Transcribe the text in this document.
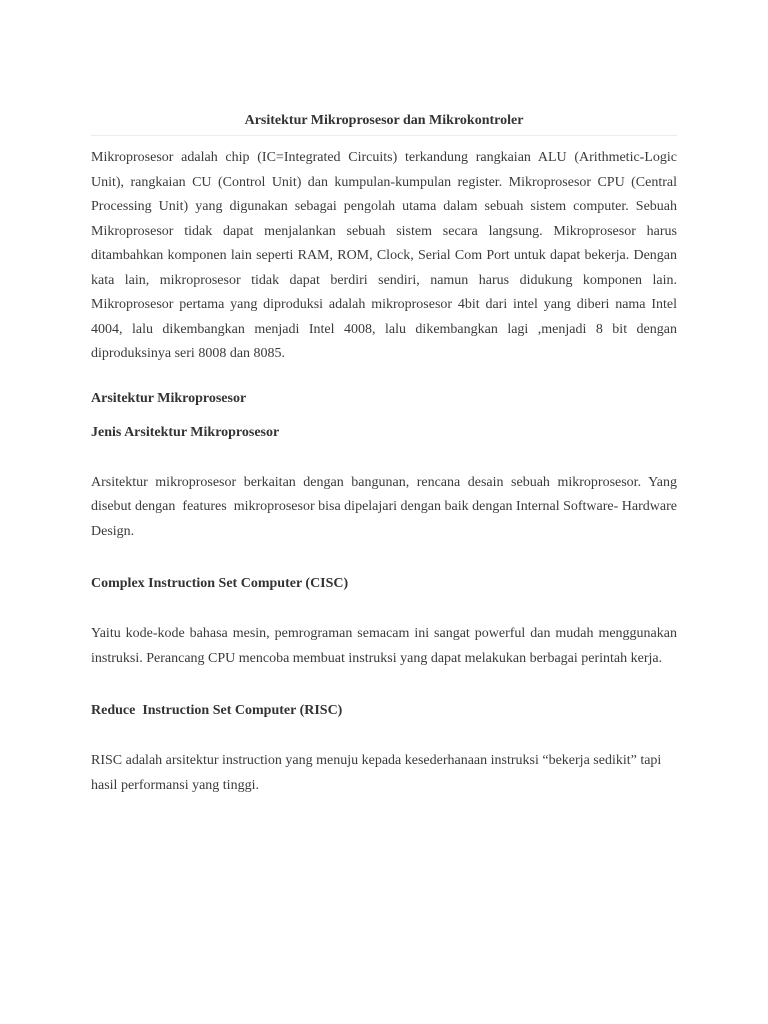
Arsitektur Mikroprosesor dan Mikrokontroler

Mikroprosesor adalah chip (IC=Integrated Circuits) terkandung rangkaian ALU (Arithmetic-Logic Unit), rangkaian CU (Control Unit) dan kumpulan-kumpulan register. Mikroprosesor CPU (Central Processing Unit) yang digunakan sebagai pengolah utama dalam sebuah sistem computer. Sebuah Mikroprosesor tidak dapat menjalankan sebuah sistem secara langsung. Mikroprosesor harus ditambahkan komponen lain seperti RAM, ROM, Clock, Serial Com Port untuk dapat bekerja. Dengan kata lain, mikroprosesor tidak dapat berdiri sendiri, namun harus didukung komponen lain. Mikroprosesor pertama yang diproduksi adalah mikroprosesor 4bit dari intel yang diberi nama Intel 4004, lalu dikembangkan menjadi Intel 4008, lalu dikembangkan lagi ,menjadi 8 bit dengan diproduksinya seri 8008 dan 8085.

Arsitektur Mikroprosesor
Jenis Arsitektur Mikroprosesor

Arsitektur mikroprosesor berkaitan dengan bangunan, rencana desain sebuah mikroprosesor. Yang disebut dengan  features  mikroprosesor bisa dipelajari dengan baik dengan Internal Software- Hardware Design.

Complex Instruction Set Computer (CISC)

Yaitu kode-kode bahasa mesin, pemrograman semacam ini sangat powerful dan mudah menggunakan instruksi. Perancang CPU mencoba membuat instruksi yang dapat melakukan berbagai perintah kerja.

Reduce  Instruction Set Computer (RISC)

RISC adalah arsitektur instruction yang menuju kepada kesederhanaan instruksi “bekerja sedikit” tapi hasil performansi yang tinggi.
